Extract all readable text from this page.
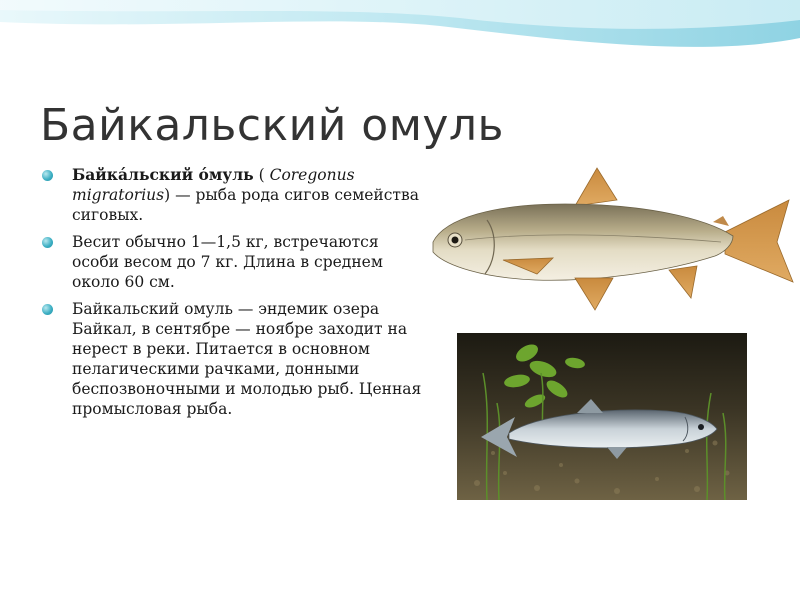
Байкальский омуль
Байка́льский о́муль ( Coregonus migratorius) — рыба рода сигов семейства сиговых.
Весит обычно 1—1,5 кг, встречаются особи весом до 7 кг. Длина в среднем около 60 см.
Байкальский омуль — эндемик озера Байкал, в сентябре — ноябре заходит на нерест в реки. Питается в основном пелагическими рачками, донными беспозвоночными и молодью рыб. Ценная промысловая рыба.
